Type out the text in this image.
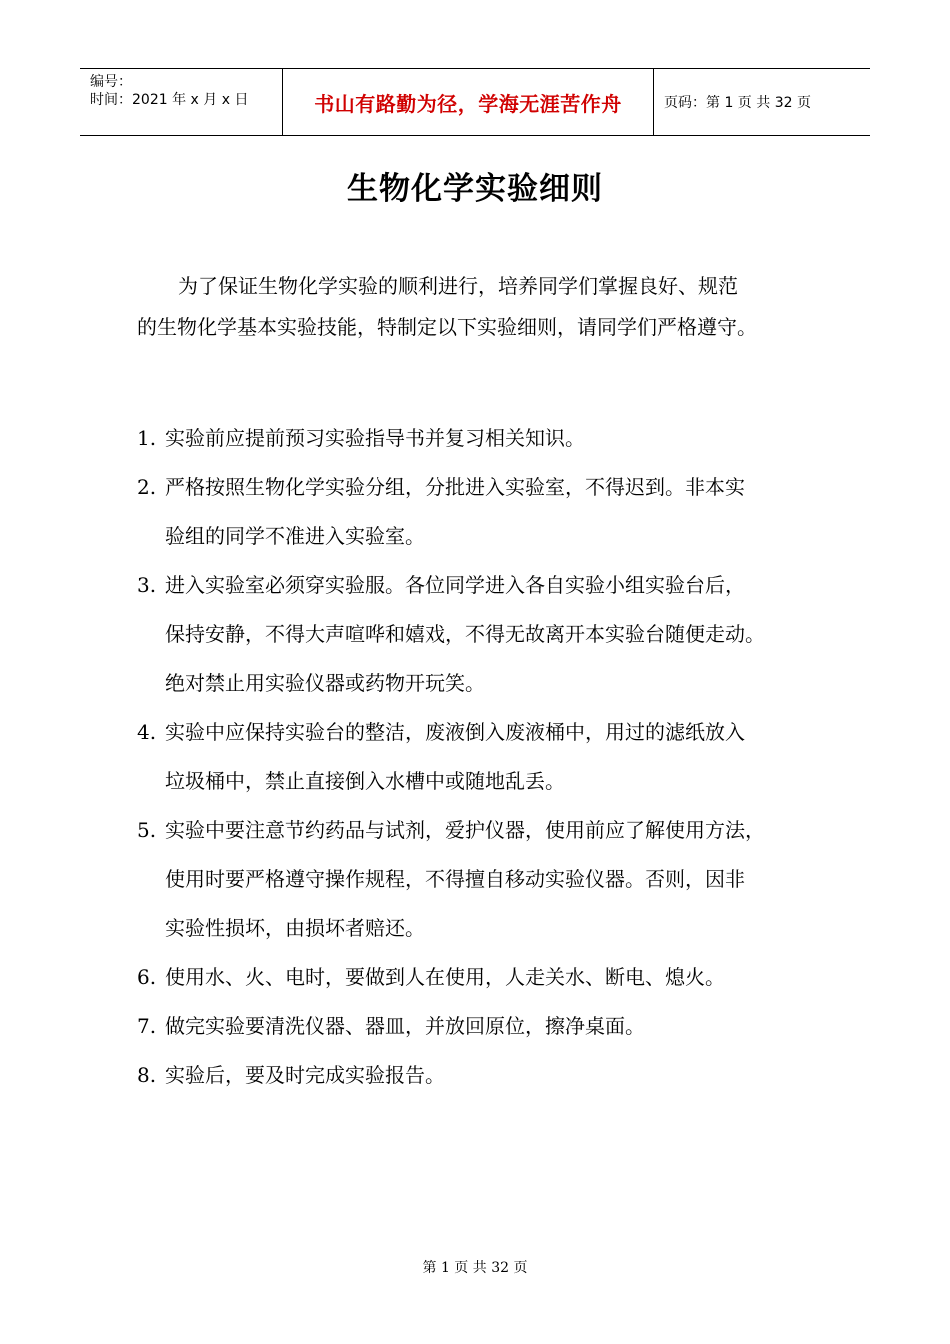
编号：
时间：2021 年 x 月 x 日	书山有路勤为径，学海无涯苦作舟	页码：第 1 页 共 32 页
生物化学实验细则

为了保证生物化学实验的顺利进行，培养同学们掌握良好、规范

的生物化学基本实验技能，特制定以下实验细则，请同学们严格遵守。

1. 实验前应提前预习实验指导书并复习相关知识。
2. 严格按照生物化学实验分组，分批进入实验室，不得迟到。非本实
验组的同学不准进入实验室。
3. 进入实验室必须穿实验服。各位同学进入各自实验小组实验台后，
保持安静，不得大声喧哗和嬉戏，不得无故离开本实验台随便走动。
绝对禁止用实验仪器或药物开玩笑。
4. 实验中应保持实验台的整洁，废液倒入废液桶中，用过的滤纸放入
垃圾桶中，禁止直接倒入水槽中或随地乱丢。
5. 实验中要注意节约药品与试剂，爱护仪器，使用前应了解使用方法，
使用时要严格遵守操作规程，不得擅自移动实验仪器。否则，因非
实验性损坏，由损坏者赔还。
6. 使用水、火、电时，要做到人在使用，人走关水、断电、熄火。
7. 做完实验要清洗仪器、器皿，并放回原位，擦净桌面。
8. 实验后，要及时完成实验报告。
第 1 页 共 32 页
